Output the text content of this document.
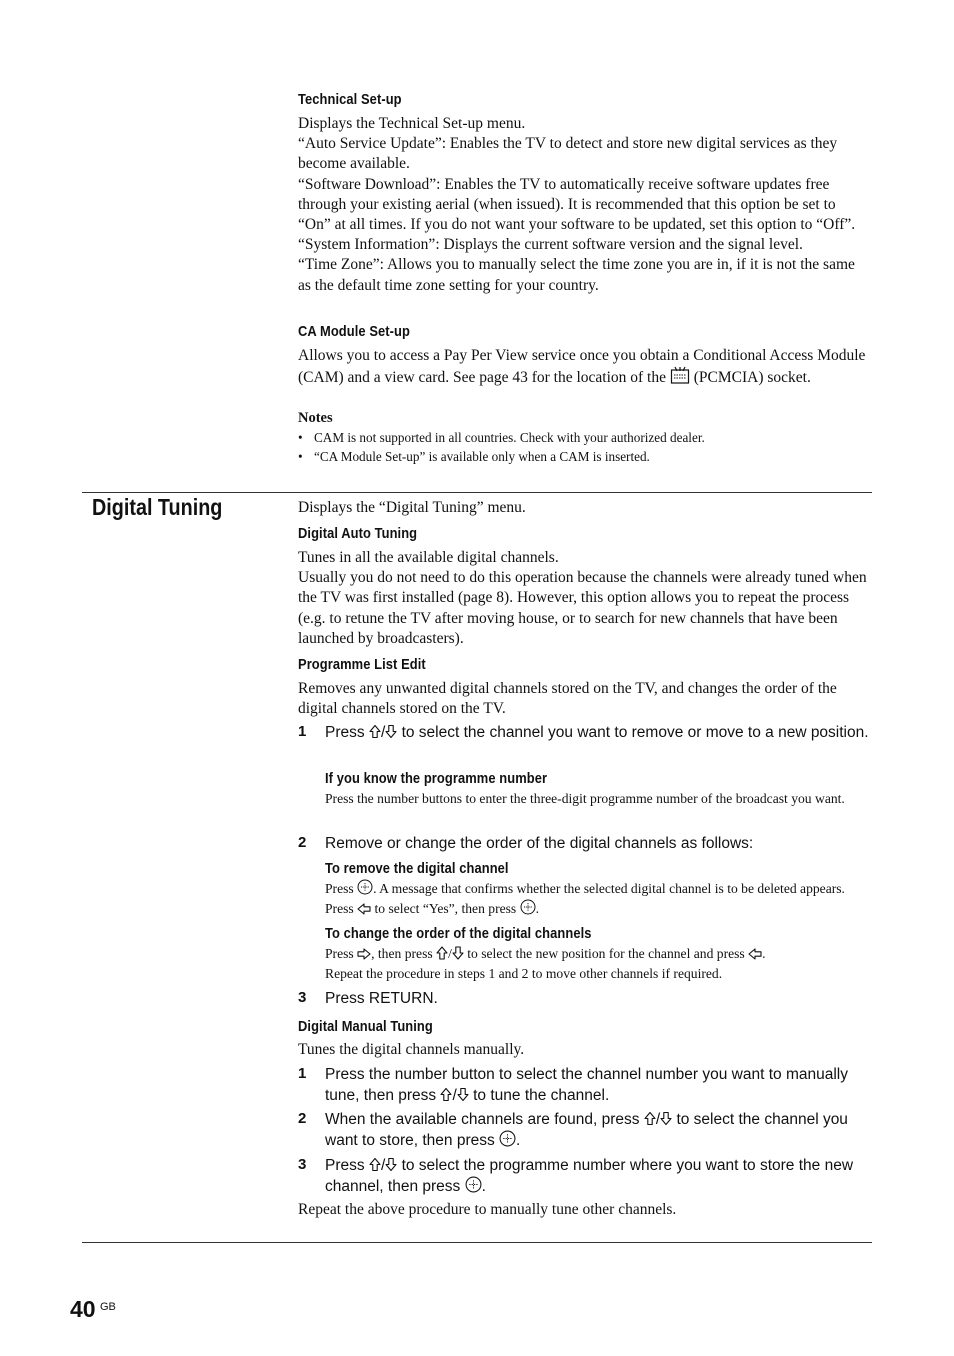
Technical Set-up
Displays the Technical Set-up menu.
“Auto Service Update”: Enables the TV to detect and store new digital services as they become available.
“Software Download”: Enables the TV to automatically receive software updates free through your existing aerial (when issued). It is recommended that this option be set to “On” at all times. If you do not want your software to be updated, set this option to “Off”.
“System Information”: Displays the current software version and the signal level.
“Time Zone”: Allows you to manually select the time zone you are in, if it is not the same as the default time zone setting for your country.
CA Module Set-up
Allows you to access a Pay Per View service once you obtain a Conditional Access Module (CAM) and a view card. See page 43 for the location of the (PCMCIA) socket.
Notes
• CAM is not supported in all countries. Check with your authorized dealer.
• “CA Module Set-up” is available only when a CAM is inserted.
Digital Tuning	Displays the “Digital Tuning” menu.
Digital Auto Tuning
Tunes in all the available digital channels.
Usually you do not need to do this operation because the channels were already tuned when the TV was first installed (page 8). However, this option allows you to repeat the process (e.g. to retune the TV after moving house, or to search for new channels that have been launched by broadcasters).
Programme List Edit
Removes any unwanted digital channels stored on the TV, and changes the order of the digital channels stored on the TV.
1 Press / to select the channel you want to remove or move to a new position.
If you know the programme number
Press the number buttons to enter the three-digit programme number of the broadcast you want.
2 Remove or change the order of the digital channels as follows:
To remove the digital channel
Press . A message that confirms whether the selected digital channel is to be deleted appears. Press to select “Yes”, then press .
To change the order of the digital channels
Press , then press / to select the new position for the channel and press .
Repeat the procedure in steps 1 and 2 to move other channels if required.
3 Press RETURN.
Digital Manual Tuning
Tunes the digital channels manually.
1 Press the number button to select the channel number you want to manually tune, then press / to tune the channel.
2 When the available channels are found, press / to select the channel you want to store, then press .
3 Press / to select the programme number where you want to store the new channel, then press .
Repeat the above procedure to manually tune other channels.
40 GB
